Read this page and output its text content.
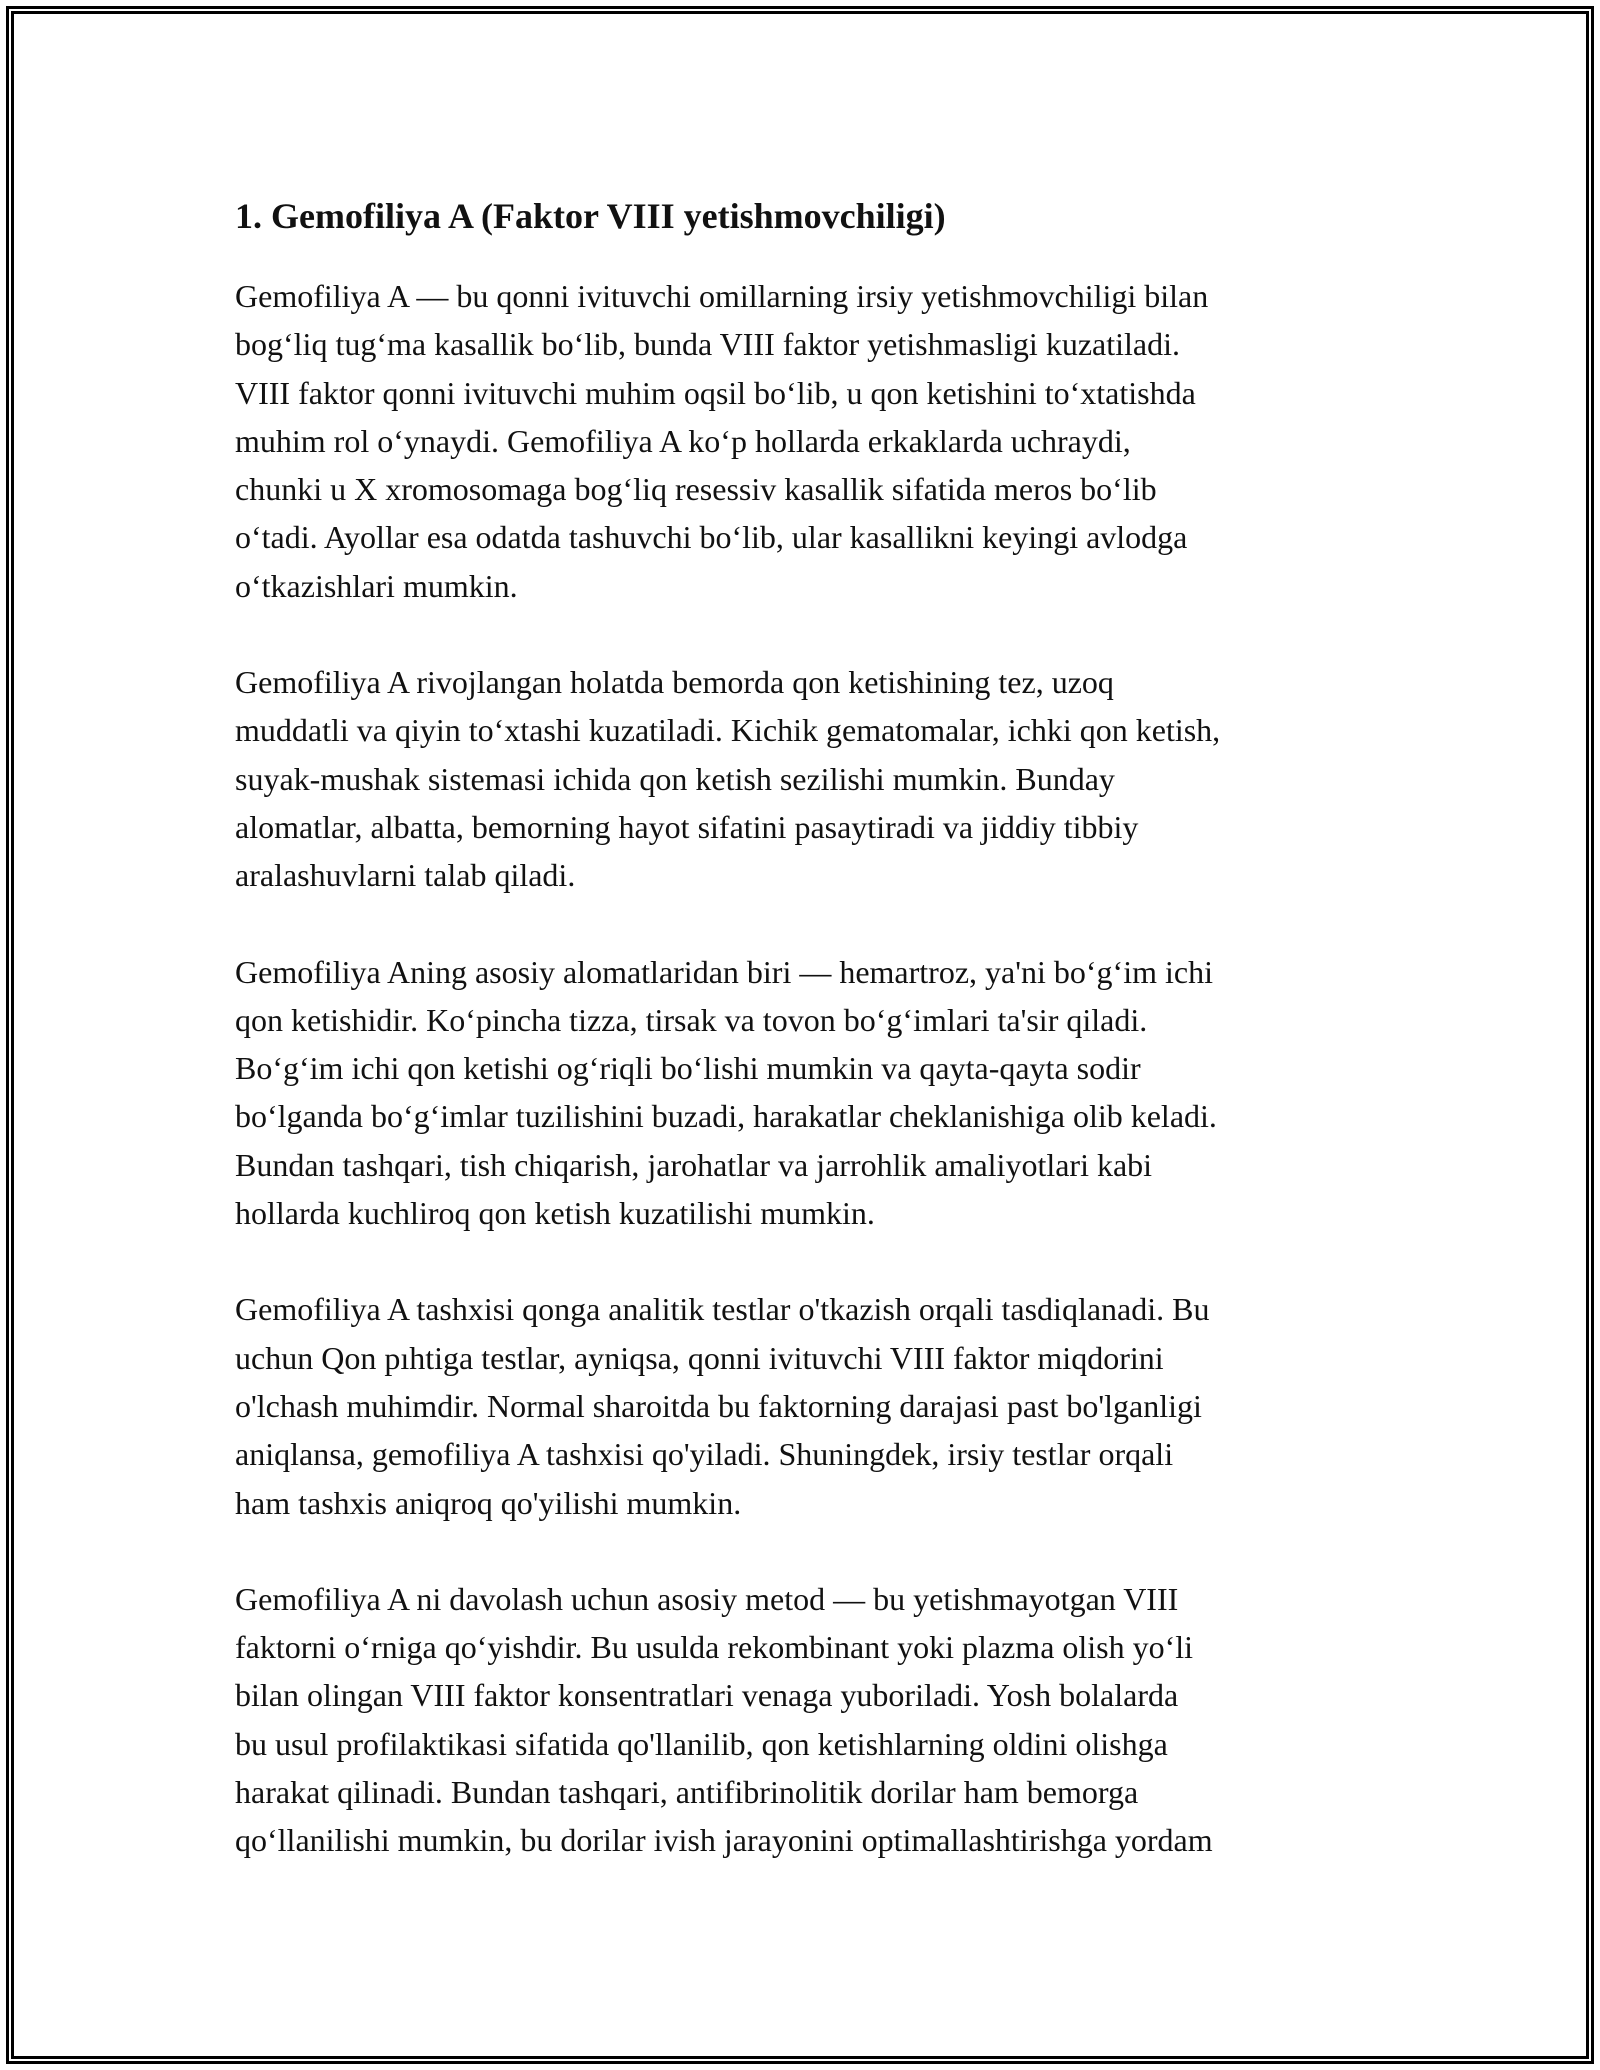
1. Gemofiliya A (Faktor VIII yetishmovchiligi)

Gemofiliya A — bu qonni ivituvchi omillarning irsiy yetishmovchiligi bilan
bog‘liq tug‘ma kasallik bo‘lib, bunda VIII faktor yetishmasligi kuzatiladi.
VIII faktor qonni ivituvchi muhim oqsil bo‘lib, u qon ketishini to‘xtatishda
muhim rol o‘ynaydi. Gemofiliya A ko‘p hollarda erkaklarda uchraydi,
chunki u X xromosomaga bog‘liq resessiv kasallik sifatida meros bo‘lib
o‘tadi. Ayollar esa odatda tashuvchi bo‘lib, ular kasallikni keyingi avlodga
o‘tkazishlari mumkin.

Gemofiliya A rivojlangan holatda bemorda qon ketishining tez, uzoq
muddatli va qiyin to‘xtashi kuzatiladi. Kichik gematomalar, ichki qon ketish,
suyak-mushak sistemasi ichida qon ketish sezilishi mumkin. Bunday
alomatlar, albatta, bemorning hayot sifatini pasaytiradi va jiddiy tibbiy
aralashuvlarni talab qiladi.

Gemofiliya Aning asosiy alomatlaridan biri — hemartroz, ya'ni bo‘g‘im ichi
qon ketishidir. Ko‘pincha tizza, tirsak va tovon bo‘g‘imlari ta'sir qiladi.
Bo‘g‘im ichi qon ketishi og‘riqli bo‘lishi mumkin va qayta-qayta sodir
bo‘lganda bo‘g‘imlar tuzilishini buzadi, harakatlar cheklanishiga olib keladi.
Bundan tashqari, tish chiqarish, jarohatlar va jarrohlik amaliyotlari kabi
hollarda kuchliroq qon ketish kuzatilishi mumkin.

Gemofiliya A tashxisi qonga analitik testlar o'tkazish orqali tasdiqlanadi. Bu
uchun Qon pıhtiga testlar, ayniqsa, qonni ivituvchi VIII faktor miqdorini
o'lchash muhimdir. Normal sharoitda bu faktorning darajasi past bo'lganligi
aniqlansa, gemofiliya A tashxisi qo'yiladi. Shuningdek, irsiy testlar orqali
ham tashxis aniqroq qo'yilishi mumkin.

Gemofiliya A ni davolash uchun asosiy metod — bu yetishmayotgan VIII
faktorni o‘rniga qo‘yishdir. Bu usulda rekombinant yoki plazma olish yo‘li
bilan olingan VIII faktor konsentratlari venaga yuboriladi. Yosh bolalarda
bu usul profilaktikasi sifatida qo'llanilib, qon ketishlarning oldini olishga
harakat qilinadi. Bundan tashqari, antifibrinolitik dorilar ham bemorga
qo‘llanilishi mumkin, bu dorilar ivish jarayonini optimallashtirishga yordam
